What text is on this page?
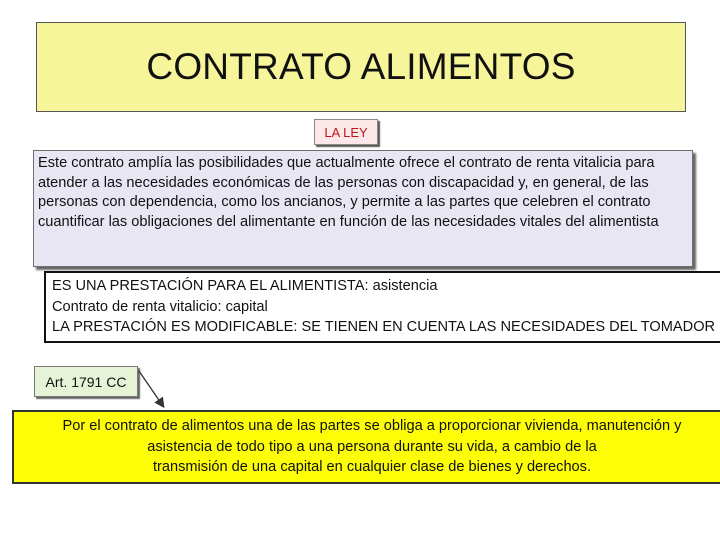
CONTRATO ALIMENTOS
LA LEY

Este contrato amplía las posibilidades que actualmente ofrece el contrato de renta vitalicia para atender a las necesidades económicas de las personas con discapacidad y, en general, de las personas con dependencia, como los ancianos, y permite a las partes que celebren el contrato cuantificar las obligaciones del alimentante en función de las necesidades vitales del alimentista

ES UNA PRESTACIÓN PARA EL ALIMENTISTA: asistencia
Contrato de renta vitalicio: capital
LA PRESTACIÓN ES MODIFICABLE: SE TIENEN EN CUENTA LAS NECESIDADES DEL TOMADOR
Art. 1791 CC
Por el contrato de alimentos una de las partes se obliga a proporcionar vivienda, manutención y
asistencia de todo tipo a una persona durante su vida, a cambio de la
transmisión de una capital en cualquier clase de bienes y derechos.
